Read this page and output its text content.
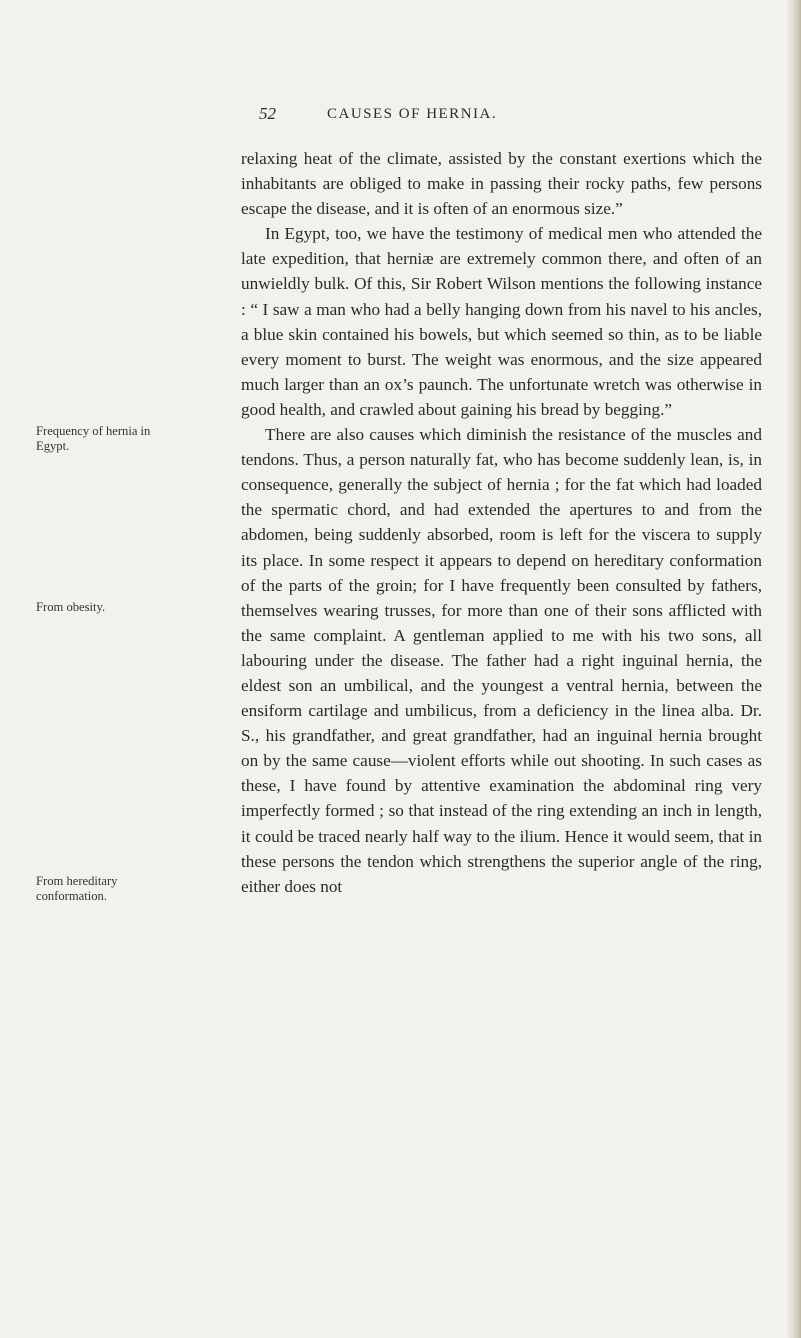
52	CAUSES OF HERNIA.
Frequency of hernia in Egypt.
From obesity.
From hereditary conformation.

relaxing heat of the climate, assisted by the constant exertions which the inhabitants are obliged to make in passing their rocky paths, few persons escape the disease, and it is often of an enormous size.”

In Egypt, too, we have the testimony of medical men who attended the late expedition, that herniæ are extremely common there, and often of an unwieldly bulk. Of this, Sir Robert Wilson mentions the following instance : “ I saw a man who had a belly hanging down from his navel to his ancles, a blue skin contained his bowels, but which seemed so thin, as to be liable every moment to burst. The weight was enormous, and the size appeared much larger than an ox’s paunch. The unfortunate wretch was otherwise in good health, and crawled about gaining his bread by begging.”

There are also causes which diminish the resistance of the muscles and tendons. Thus, a person naturally fat, who has become suddenly lean, is, in consequence, generally the subject of hernia ; for the fat which had loaded the spermatic chord, and had extended the apertures to and from the abdomen, being suddenly absorbed, room is left for the viscera to supply its place. In some respect it appears to depend on hereditary conformation of the parts of the groin; for I have frequently been consulted by fathers, themselves wearing trusses, for more than one of their sons afflicted with the same complaint. A gentleman applied to me with his two sons, all labouring under the disease. The father had a right inguinal hernia, the eldest son an umbilical, and the youngest a ventral hernia, between the ensiform cartilage and umbilicus, from a deficiency in the linea alba. Dr. S., his grandfather, and great grandfather, had an inguinal hernia brought on by the same cause—violent efforts while out shooting. In such cases as these, I have found by attentive examination the abdominal ring very imperfectly formed ; so that instead of the ring extending an inch in length, it could be traced nearly half way to the ilium. Hence it would seem, that in these persons the tendon which strengthens the superior angle of the ring, either does not
